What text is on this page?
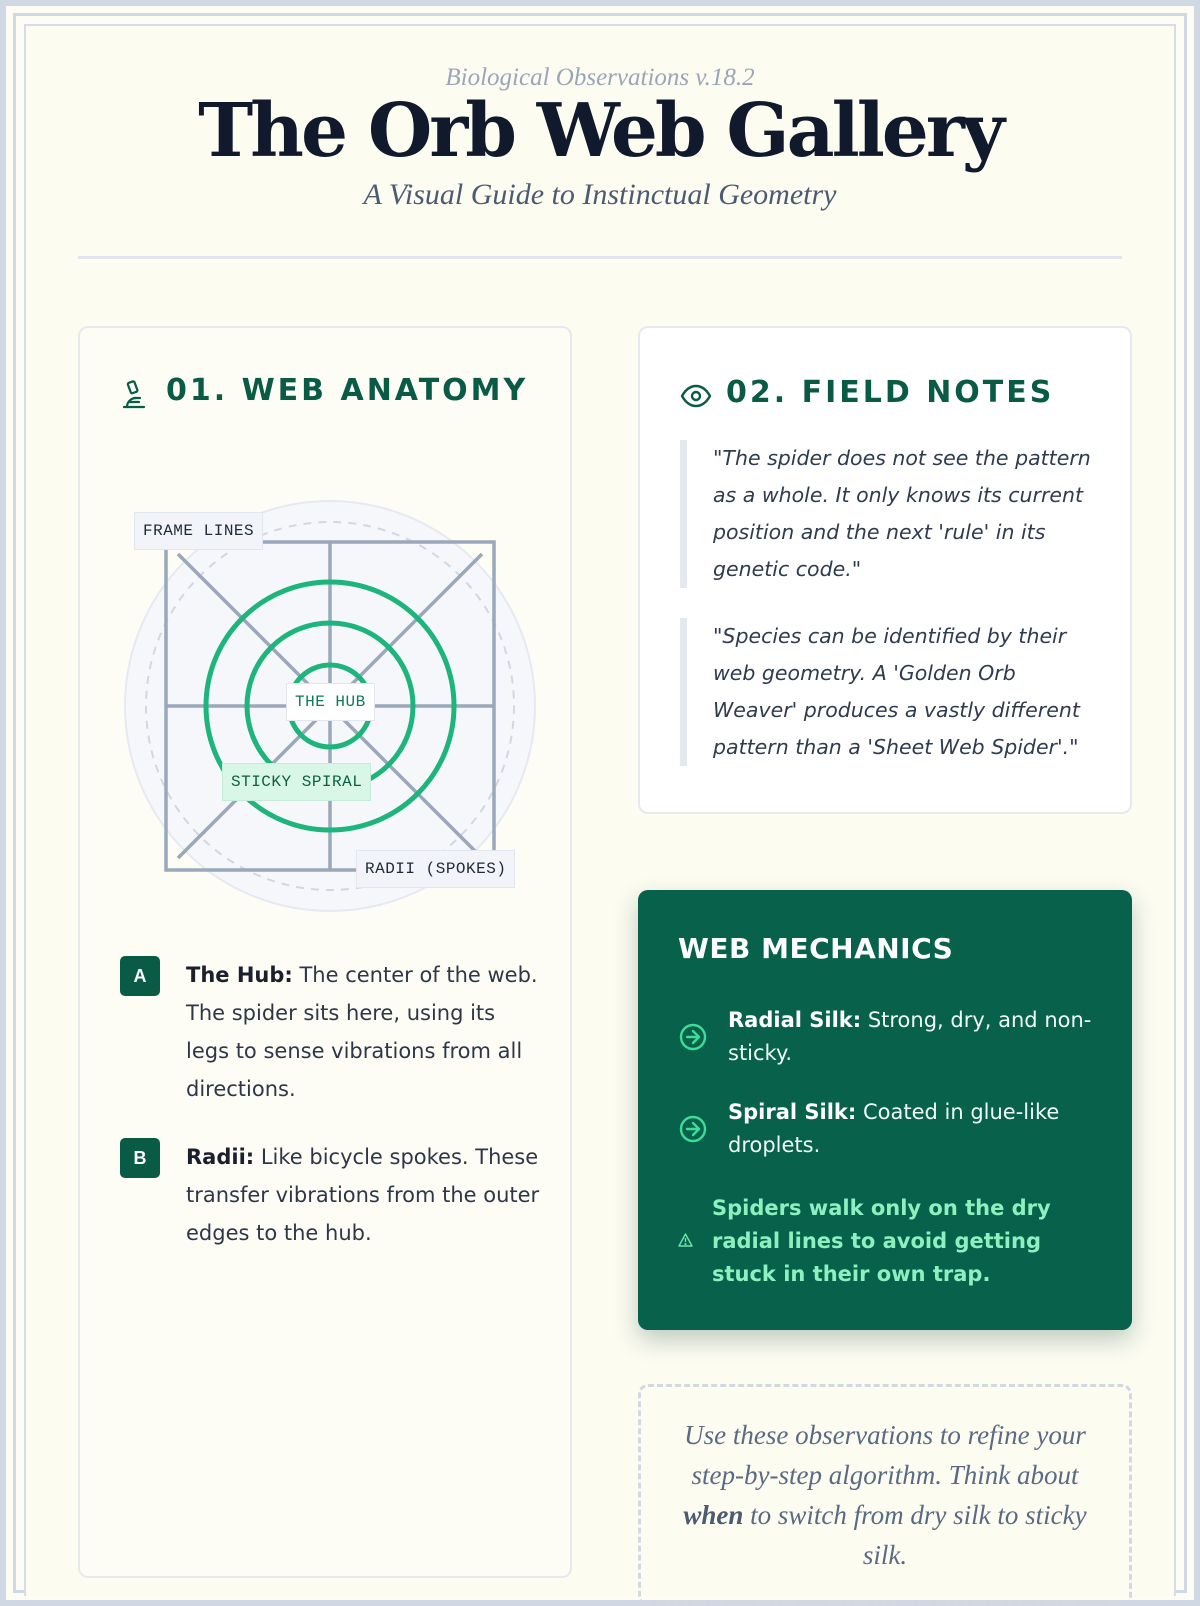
Biological Observations v.18.2
The Orb Web Gallery
A Visual Guide to Instinctual Geometry
01. WEB ANATOMY
FRAME LINES
THE HUB
STICKY SPIRAL
RADII (SPOKES)
A	The Hub: The center of the web. The spider sits here, using its legs to sense vibrations from all directions.
B	Radii: Like bicycle spokes. These transfer vibrations from the outer edges to the hub.
02. FIELD NOTES
"The spider does not see the pattern as a whole. It only knows its current position and the next 'rule' in its genetic code."
"Species can be identified by their web geometry. A 'Golden Orb Weaver' produces a vastly different pattern than a 'Sheet Web Spider'."
WEB MECHANICS
Radial Silk: Strong, dry, and non-sticky.
Spiral Silk: Coated in glue-like droplets.
Spiders walk only on the dry radial lines to avoid getting stuck in their own trap.
Use these observations to refine your step-by-step algorithm. Think about when to switch from dry silk to sticky silk.
